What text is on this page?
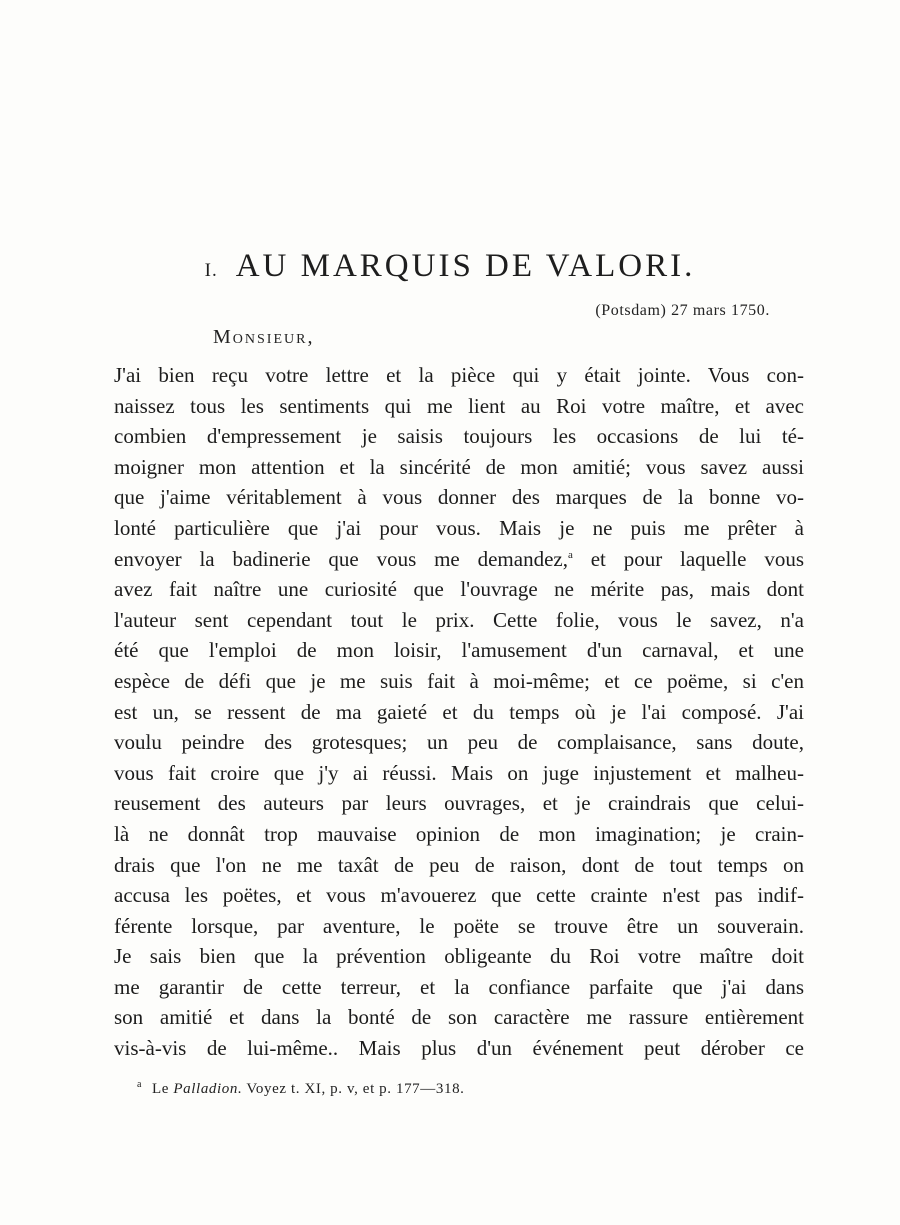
I. AU MARQUIS DE VALORI.
(Potsdam) 27 mars 1750.
Monsieur,
J'ai bien reçu votre lettre et la pièce qui y était jointe. Vous con-
naissez tous les sentiments qui me lient au Roi votre maître, et avec
combien d'empressement je saisis toujours les occasions de lui té-
moigner mon attention et la sincérité de mon amitié; vous savez aussi
que j'aime véritablement à vous donner des marques de la bonne vo-
lonté particulière que j'ai pour vous. Mais je ne puis me prêter à
envoyer la badinerie que vous me demandez,$^a$ et pour laquelle vous
avez fait naître une curiosité que l'ouvrage ne mérite pas, mais dont
l'auteur sent cependant tout le prix. Cette folie, vous le savez, n'a
été que l'emploi de mon loisir, l'amusement d'un carnaval, et une
espèce de défi que je me suis fait à moi-même; et ce poëme, si c'en
est un, se ressent de ma gaieté et du temps où je l'ai composé. J'ai
voulu peindre des grotesques; un peu de complaisance, sans doute,
vous fait croire que j'y ai réussi. Mais on juge injustement et malheu-
reusement des auteurs par leurs ouvrages, et je craindrais que celui-
là ne donnât trop mauvaise opinion de mon imagination; je crain-
drais que l'on ne me taxât de peu de raison, dont de tout temps on
accusa les poëtes, et vous m'avouerez que cette crainte n'est pas indif-
férente lorsque, par aventure, le poëte se trouve être un souverain.
Je sais bien que la prévention obligeante du Roi votre maître doit
me garantir de cette terreur, et la confiance parfaite que j'ai dans
son amitié et dans la bonté de son caractère me rassure entièrement
vis-à-vis de lui-même.. Mais plus d'un événement peut dérober ce
$^a$ Le Palladion. Voyez t. XI, p. v, et p. 177—318.
